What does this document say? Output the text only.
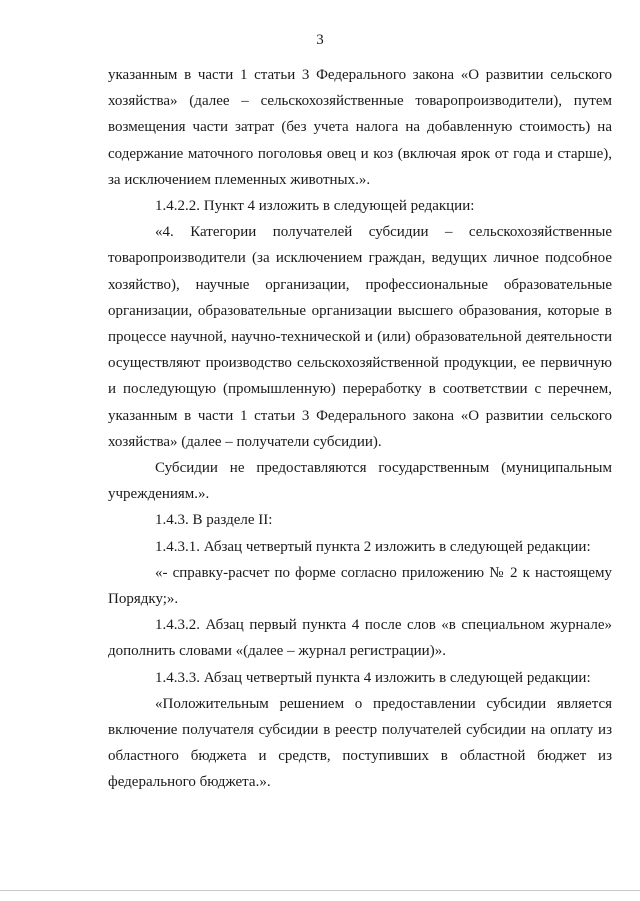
3

указанным в части 1 статьи 3 Федерального закона «О развитии сельского хозяйства» (далее – сельскохозяйственные товаропроизводители), путем возмещения части затрат (без учета налога на добавленную стоимость) на содержание маточного поголовья овец и коз (включая ярок от года и старше), за исключением племенных животных.».

1.4.2.2. Пункт 4 изложить в следующей редакции:

«4. Категории получателей субсидии – сельскохозяйственные товаропроизводители (за исключением граждан, ведущих личное подсобное хозяйство), научные организации, профессиональные образовательные организации, образовательные организации высшего образования, которые в процессе научной, научно-технической и (или) образовательной деятельности осуществляют производство сельскохозяйственной продукции, ее первичную и последующую (промышленную) переработку в соответствии с перечнем, указанным в части 1 статьи 3 Федерального закона «О развитии сельского хозяйства» (далее – получатели субсидии).

Субсидии не предоставляются государственным (муниципальным учреждениям.».

1.4.3. В разделе II:

1.4.3.1. Абзац четвертый пункта 2 изложить в следующей редакции:

«- справку-расчет по форме согласно приложению № 2 к настоящему Порядку;».

1.4.3.2. Абзац первый пункта 4 после слов «в специальном журнале» дополнить словами «(далее – журнал регистрации)».

1.4.3.3. Абзац четвертый пункта 4 изложить в следующей редакции:

«Положительным решением о предоставлении субсидии является включение получателя субсидии в реестр получателей субсидии на оплату из областного бюджета и средств, поступивших в областной бюджет из федерального бюджета.».
